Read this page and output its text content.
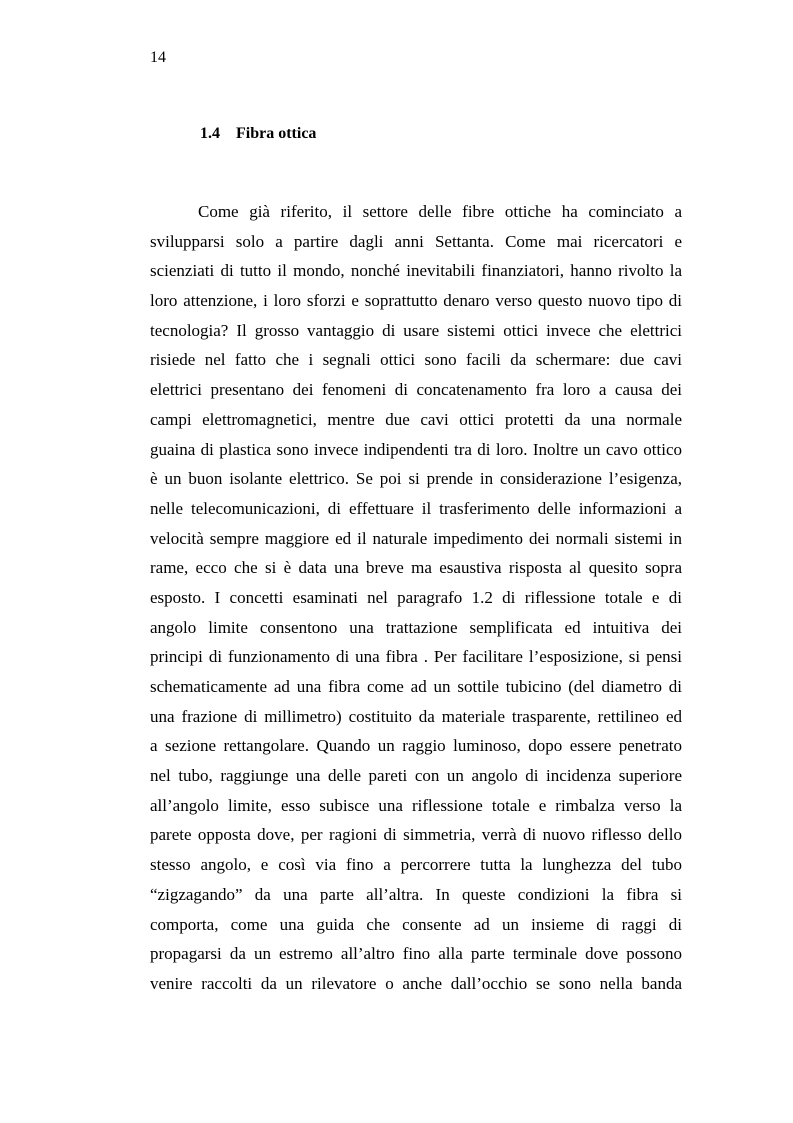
14
1.4 Fibra ottica
Come già riferito, il settore delle fibre ottiche ha cominciato a
svilupparsi solo a partire dagli anni Settanta. Come mai ricercatori e
scienziati di tutto il mondo, nonché inevitabili finanziatori, hanno rivolto la
loro attenzione, i loro sforzi e soprattutto denaro verso questo nuovo tipo di
tecnologia? Il grosso vantaggio di usare sistemi ottici invece che elettrici
risiede nel fatto che i segnali ottici sono facili da schermare: due cavi
elettrici presentano dei fenomeni di concatenamento fra loro a causa dei
campi elettromagnetici, mentre due cavi ottici protetti da una normale
guaina di plastica sono invece indipendenti tra di loro. Inoltre un cavo ottico
è un buon isolante elettrico. Se poi si prende in considerazione l’esigenza,
nelle telecomunicazioni, di effettuare il trasferimento delle informazioni a
velocità sempre maggiore ed il naturale impedimento dei normali sistemi in
rame, ecco che si è data una breve ma esaustiva risposta al quesito sopra
esposto. I concetti esaminati nel paragrafo 1.2 di riflessione totale e di
angolo limite consentono una trattazione semplificata ed intuitiva dei
principi di funzionamento di una fibra . Per facilitare l’esposizione, si pensi
schematicamente ad una fibra come ad un sottile tubicino (del diametro di
una frazione di millimetro) costituito da materiale trasparente, rettilineo ed
a sezione rettangolare. Quando un raggio luminoso, dopo essere penetrato
nel tubo, raggiunge una delle pareti con un angolo di incidenza superiore
all’angolo limite, esso subisce una riflessione totale e rimbalza verso la
parete opposta dove, per ragioni di simmetria, verrà di nuovo riflesso dello
stesso angolo, e così via fino a percorrere tutta la lunghezza del tubo
“zigzagando” da una parte all’altra. In queste condizioni la fibra si
comporta, come una guida che consente ad un insieme di raggi di
propagarsi da un estremo all’altro fino alla parte terminale dove possono
venire raccolti da un rilevatore o anche dall’occhio se sono nella banda
